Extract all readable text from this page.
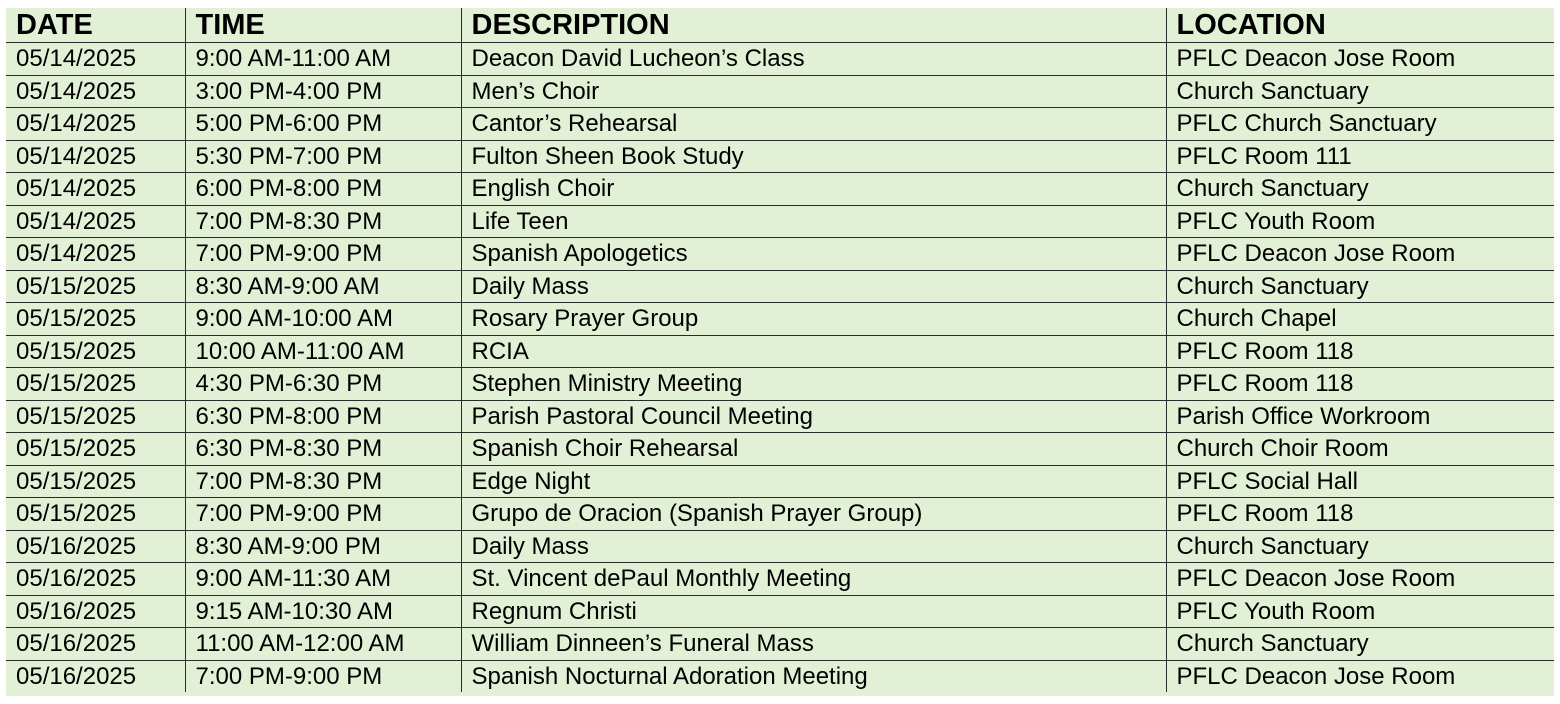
DATE	TIME	DESCRIPTION	LOCATION
05/14/2025	9:00 AM-11:00 AM	Deacon David Lucheon’s Class	PFLC Deacon Jose Room
05/14/2025	3:00 PM-4:00 PM	Men’s Choir	Church Sanctuary
05/14/2025	5:00 PM-6:00 PM	Cantor’s Rehearsal	PFLC Church Sanctuary
05/14/2025	5:30 PM-7:00 PM	Fulton Sheen Book Study	PFLC Room 111
05/14/2025	6:00 PM-8:00 PM	English Choir	Church Sanctuary
05/14/2025	7:00 PM-8:30 PM	Life Teen	PFLC Youth Room
05/14/2025	7:00 PM-9:00 PM	Spanish Apologetics	PFLC Deacon Jose Room
05/15/2025	8:30 AM-9:00 AM	Daily Mass	Church Sanctuary
05/15/2025	9:00 AM-10:00 AM	Rosary Prayer Group	Church Chapel
05/15/2025	10:00 AM-11:00 AM	RCIA	PFLC Room 118
05/15/2025	4:30 PM-6:30 PM	Stephen Ministry Meeting	PFLC Room 118
05/15/2025	6:30 PM-8:00 PM	Parish Pastoral Council Meeting	Parish Office Workroom
05/15/2025	6:30 PM-8:30 PM	Spanish Choir Rehearsal	Church Choir Room
05/15/2025	7:00 PM-8:30 PM	Edge Night	PFLC Social Hall
05/15/2025	7:00 PM-9:00 PM	Grupo de Oracion (Spanish Prayer Group)	PFLC Room 118
05/16/2025	8:30 AM-9:00 PM	Daily Mass	Church Sanctuary
05/16/2025	9:00 AM-11:30 AM	St. Vincent dePaul Monthly Meeting	PFLC Deacon Jose Room
05/16/2025	9:15 AM-10:30 AM	Regnum Christi	PFLC Youth Room
05/16/2025	11:00 AM-12:00 AM	William Dinneen’s Funeral Mass	Church Sanctuary
05/16/2025	7:00 PM-9:00 PM	Spanish Nocturnal Adoration Meeting	PFLC Deacon Jose Room
